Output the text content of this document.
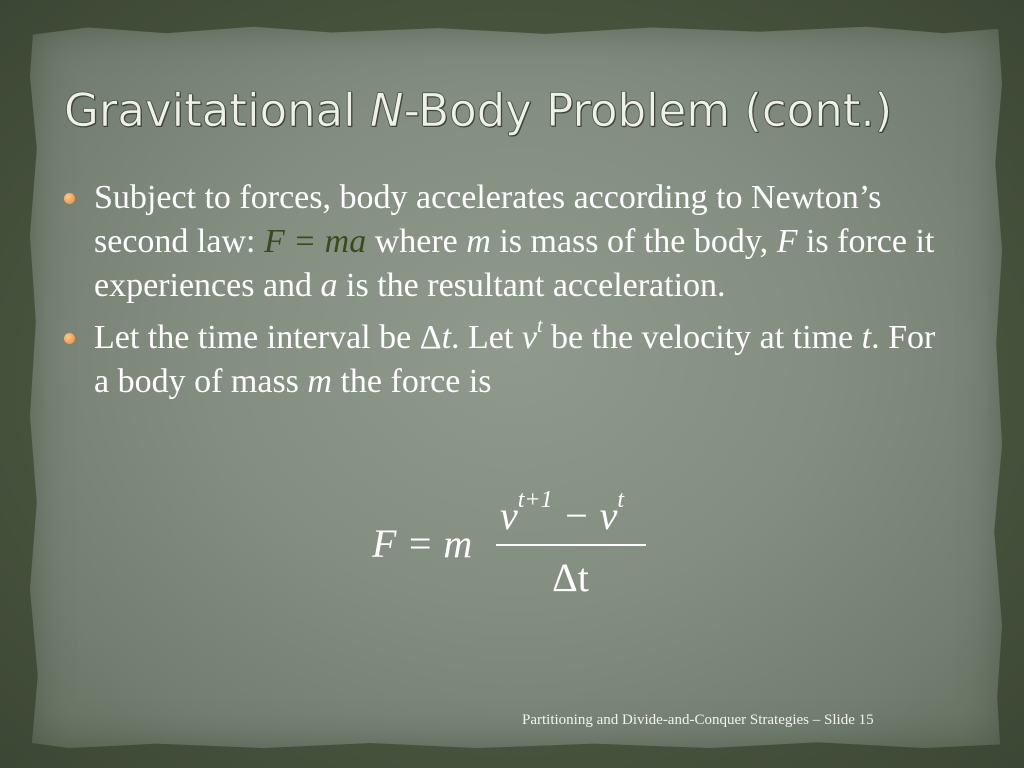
Gravitational N-Body Problem (cont.)
Subject to forces, body accelerates according to Newton’s second law: F = ma where m is mass of the body, F is force it experiences and a is the resultant acceleration.
Let the time interval be Δt. Let $v^t$ be the velocity at time t. For a body of mass m the force is
F = m
$v^{t+1} - v^t$
Δt
Partitioning and Divide-and-Conquer Strategies – Slide 15
